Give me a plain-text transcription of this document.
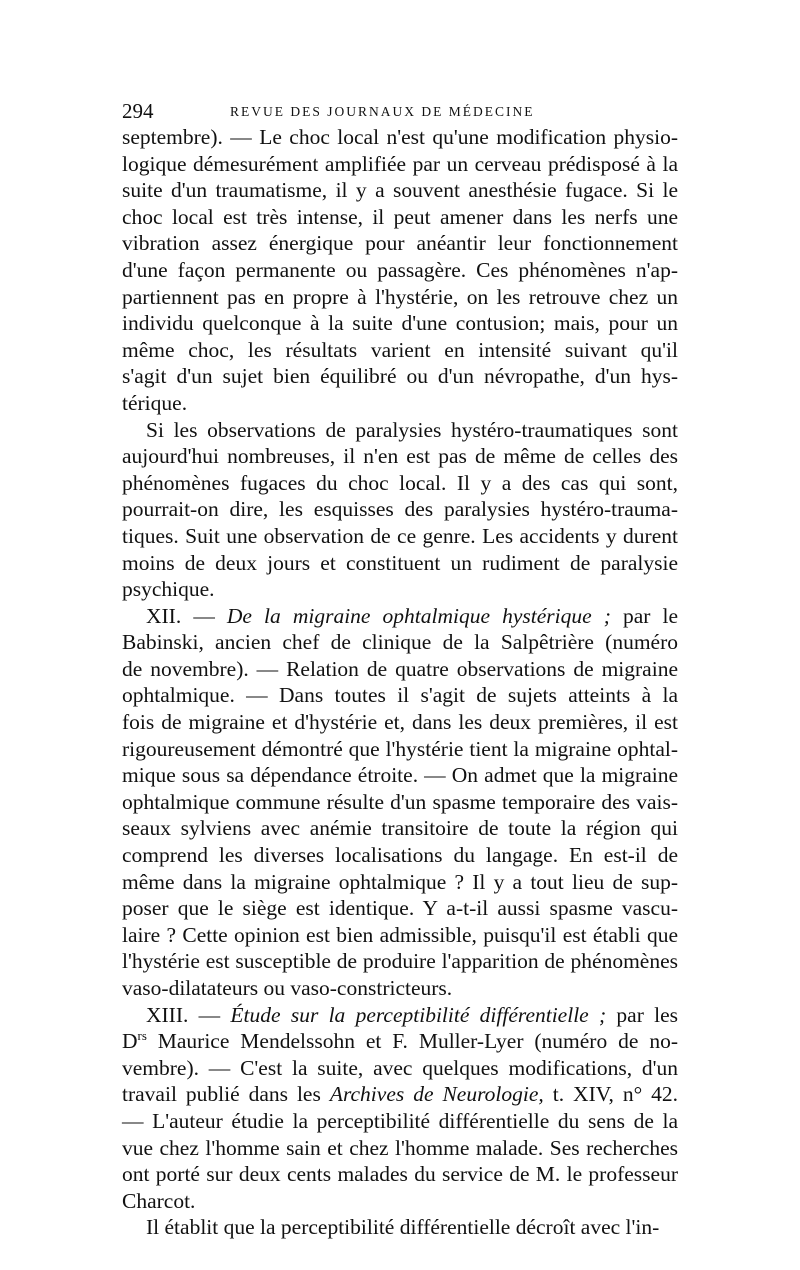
294	REVUE DES JOURNAUX DE MÉDECINE

septembre). — Le choc local n'est qu'une modification physio-
logique démesurément amplifiée par un cerveau prédisposé à la
suite d'un traumatisme, il y a souvent anesthésie fugace. Si le
choc local est très intense, il peut amener dans les nerfs une
vibration assez énergique pour anéantir leur fonctionnement
d'une façon permanente ou passagère. Ces phénomènes n'ap-
partiennent pas en propre à l'hystérie, on les retrouve chez un
individu quelconque à la suite d'une contusion; mais, pour un
même choc, les résultats varient en intensité suivant qu'il
s'agit d'un sujet bien équilibré ou d'un névropathe, d'un hys-
térique.

Si les observations de paralysies hystéro-traumatiques sont
aujourd'hui nombreuses, il n'en est pas de même de celles des
phénomènes fugaces du choc local. Il y a des cas qui sont,
pourrait-on dire, les esquisses des paralysies hystéro-trauma-
tiques. Suit une observation de ce genre. Les accidents y durent
moins de deux jours et constituent un rudiment de paralysie
psychique.

XII. — De la migraine ophtalmique hystérique ; par le
Babinski, ancien chef de clinique de la Salpêtrière (numéro
de novembre). — Relation de quatre observations de migraine
ophtalmique. — Dans toutes il s'agit de sujets atteints à la
fois de migraine et d'hystérie et, dans les deux premières, il est
rigoureusement démontré que l'hystérie tient la migraine ophtal-
mique sous sa dépendance étroite. — On admet que la migraine
ophtalmique commune résulte d'un spasme temporaire des vais-
seaux sylviens avec anémie transitoire de toute la région qui
comprend les diverses localisations du langage. En est-il de
même dans la migraine ophtalmique ? Il y a tout lieu de sup-
poser que le siège est identique. Y a-t-il aussi spasme vascu-
laire ? Cette opinion est bien admissible, puisqu'il est établi que
l'hystérie est susceptible de produire l'apparition de phénomènes
vaso-dilatateurs ou vaso-constricteurs.

XIII. — Étude sur la perceptibilité différentielle ; par les
$D^{rs}$ Maurice Mendelssohn et F. Muller-Lyer (numéro de no-
vembre). — C'est la suite, avec quelques modifications, d'un
travail publié dans les Archives de Neurologie, t. XIV, n° 42.
— L'auteur étudie la perceptibilité différentielle du sens de la
vue chez l'homme sain et chez l'homme malade. Ses recherches
ont porté sur deux cents malades du service de M. le professeur
Charcot.

Il établit que la perceptibilité différentielle décroît avec l'in-
